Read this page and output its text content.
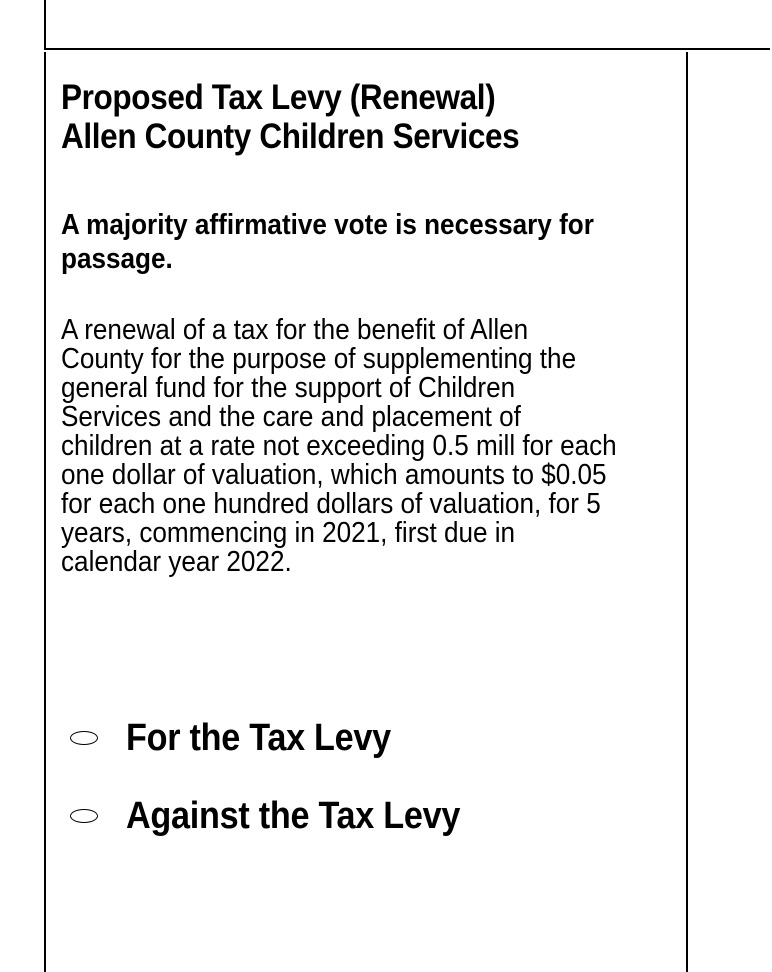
Proposed Tax Levy (Renewal)
Allen County Children Services

A majority affirmative vote is necessary for
passage.

A renewal of a tax for the benefit of Allen
County for the purpose of supplementing the
general fund for the support of Children
Services and the care and placement of
children at a rate not exceeding 0.5 mill for each
one dollar of valuation, which amounts to $0.05
for each one hundred dollars of valuation, for 5
years, commencing in 2021, first due in
calendar year 2022.

For the Tax Levy
Against the Tax Levy
